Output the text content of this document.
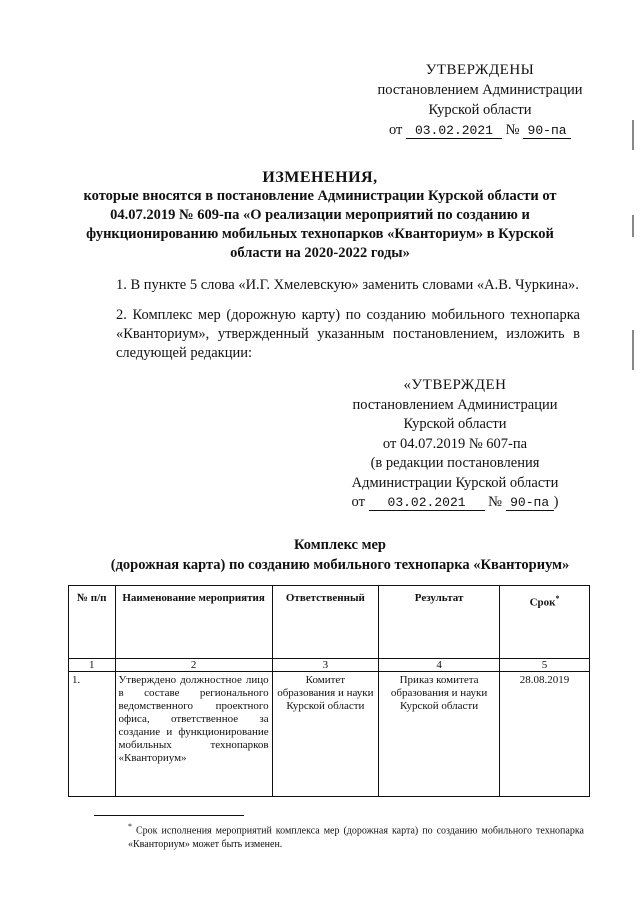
УТВЕРЖДЕНЫ
постановлением Администрации
Курской области
от 03.02.2021 № 90-па
ИЗМЕНЕНИЯ,
которые вносятся в постановление Администрации Курской области от 04.07.2019 № 609-па «О реализации мероприятий по созданию и функционированию мобильных технопарков «Кванториум» в Курской области на 2020-2022 годы»
1. В пункте 5 слова «И.Г. Хмелевскую» заменить словами «А.В. Чуркина».
2. Комплекс мер (дорожную карту) по созданию мобильного технопарка «Кванториум», утвержденный указанным постановлением, изложить в следующей редакции:
«УТВЕРЖДЕН
постановлением Администрации
Курской области
от 04.07.2019 № 607-па
(в редакции постановления
Администрации Курской области
от 03.02.2021 № 90-па )
Комплекс мер
(дорожная карта) по созданию мобильного технопарка «Кванториум»
№ п/п	Наименование мероприятия	Ответственный	Результат	Срок*
1	2	3	4	5
1.	Утверждено должностное лицо в составе регионального ведомственного проектного офиса, ответственное за создание и функционирование мобильных технопарков «Кванториум»	Комитет образования и науки Курской области	Приказ комитета образования и науки Курской области	28.08.2019
* Срок исполнения мероприятий комплекса мер (дорожная карта) по созданию мобильного технопарка «Кванториум» может быть изменен.
